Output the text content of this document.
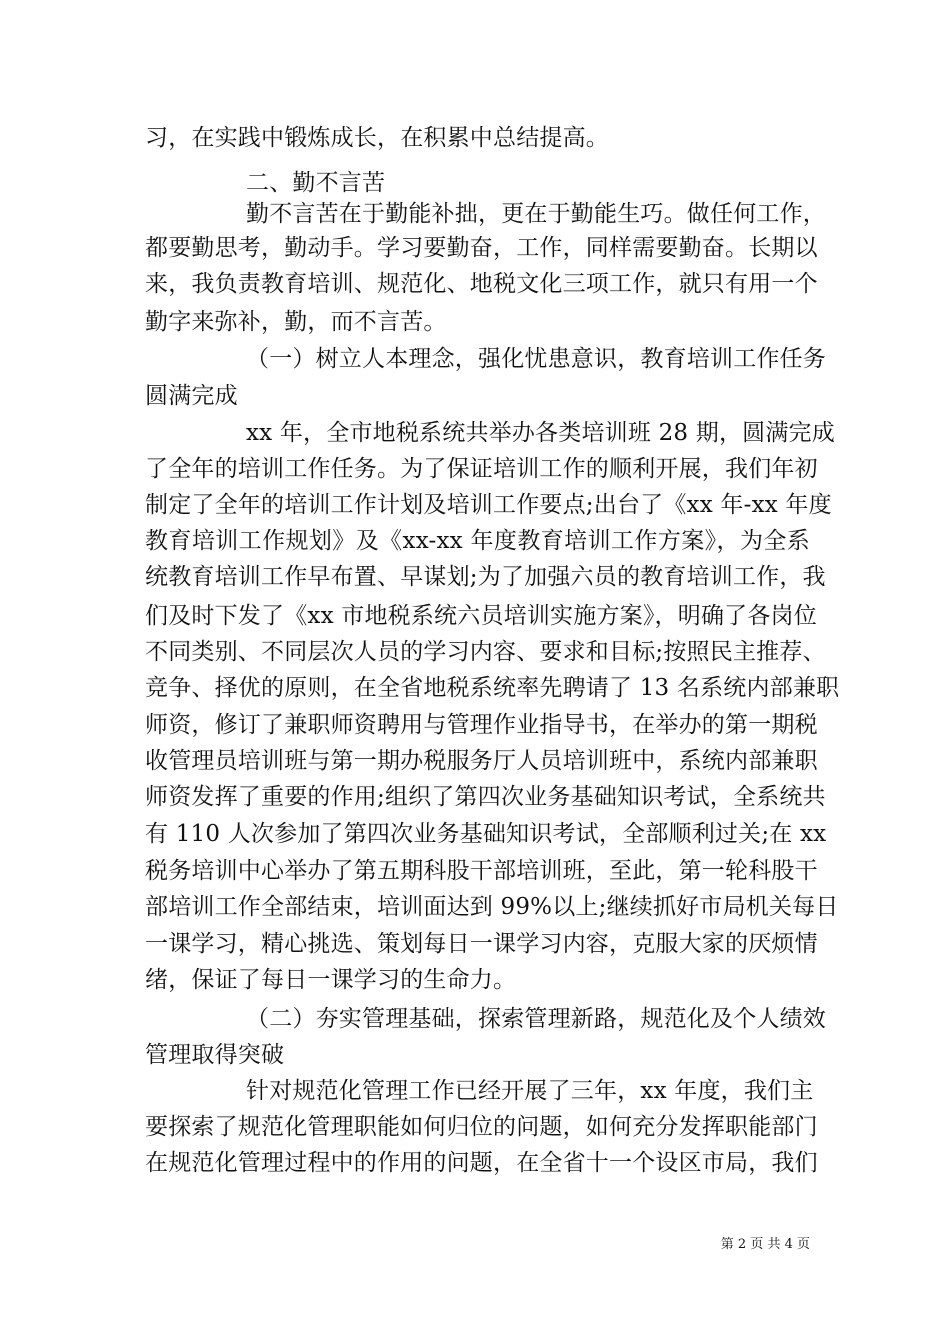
习，在实践中锻炼成长，在积累中总结提高。
二、勤不言苦
勤不言苦在于勤能补拙，更在于勤能生巧。做任何工作，
都要勤思考，勤动手。学习要勤奋，工作，同样需要勤奋。长期以
来，我负责教育培训、规范化、地税文化三项工作，就只有用一个
勤字来弥补，勤，而不言苦。
（一）树立人本理念，强化忧患意识，教育培训工作任务
圆满完成
xx 年，全市地税系统共举办各类培训班 28 期，圆满完成
了全年的培训工作任务。为了保证培训工作的顺利开展，我们年初
制定了全年的培训工作计划及培训工作要点;出台了《xx 年-xx 年度
教育培训工作规划》及《xx-xx 年度教育培训工作方案》，为全系
统教育培训工作早布置、早谋划;为了加强六员的教育培训工作，我
们及时下发了《xx 市地税系统六员培训实施方案》，明确了各岗位
不同类别、不同层次人员的学习内容、要求和目标;按照民主推荐、
竞争、择优的原则，在全省地税系统率先聘请了 13 名系统内部兼职
师资，修订了兼职师资聘用与管理作业指导书，在举办的第一期税
收管理员培训班与第一期办税服务厅人员培训班中，系统内部兼职
师资发挥了重要的作用;组织了第四次业务基础知识考试，全系统共
有 110 人次参加了第四次业务基础知识考试，全部顺利过关;在 xx
税务培训中心举办了第五期科股干部培训班，至此，第一轮科股干
部培训工作全部结束，培训面达到 99%以上;继续抓好市局机关每日
一课学习，精心挑选、策划每日一课学习内容，克服大家的厌烦情
绪，保证了每日一课学习的生命力。
（二）夯实管理基础，探索管理新路，规范化及个人绩效
管理取得突破
针对规范化管理工作已经开展了三年，xx 年度，我们主
要探索了规范化管理职能如何归位的问题，如何充分发挥职能部门
在规范化管理过程中的作用的问题，在全省十一个设区市局，我们
第 2 页 共 4 页
